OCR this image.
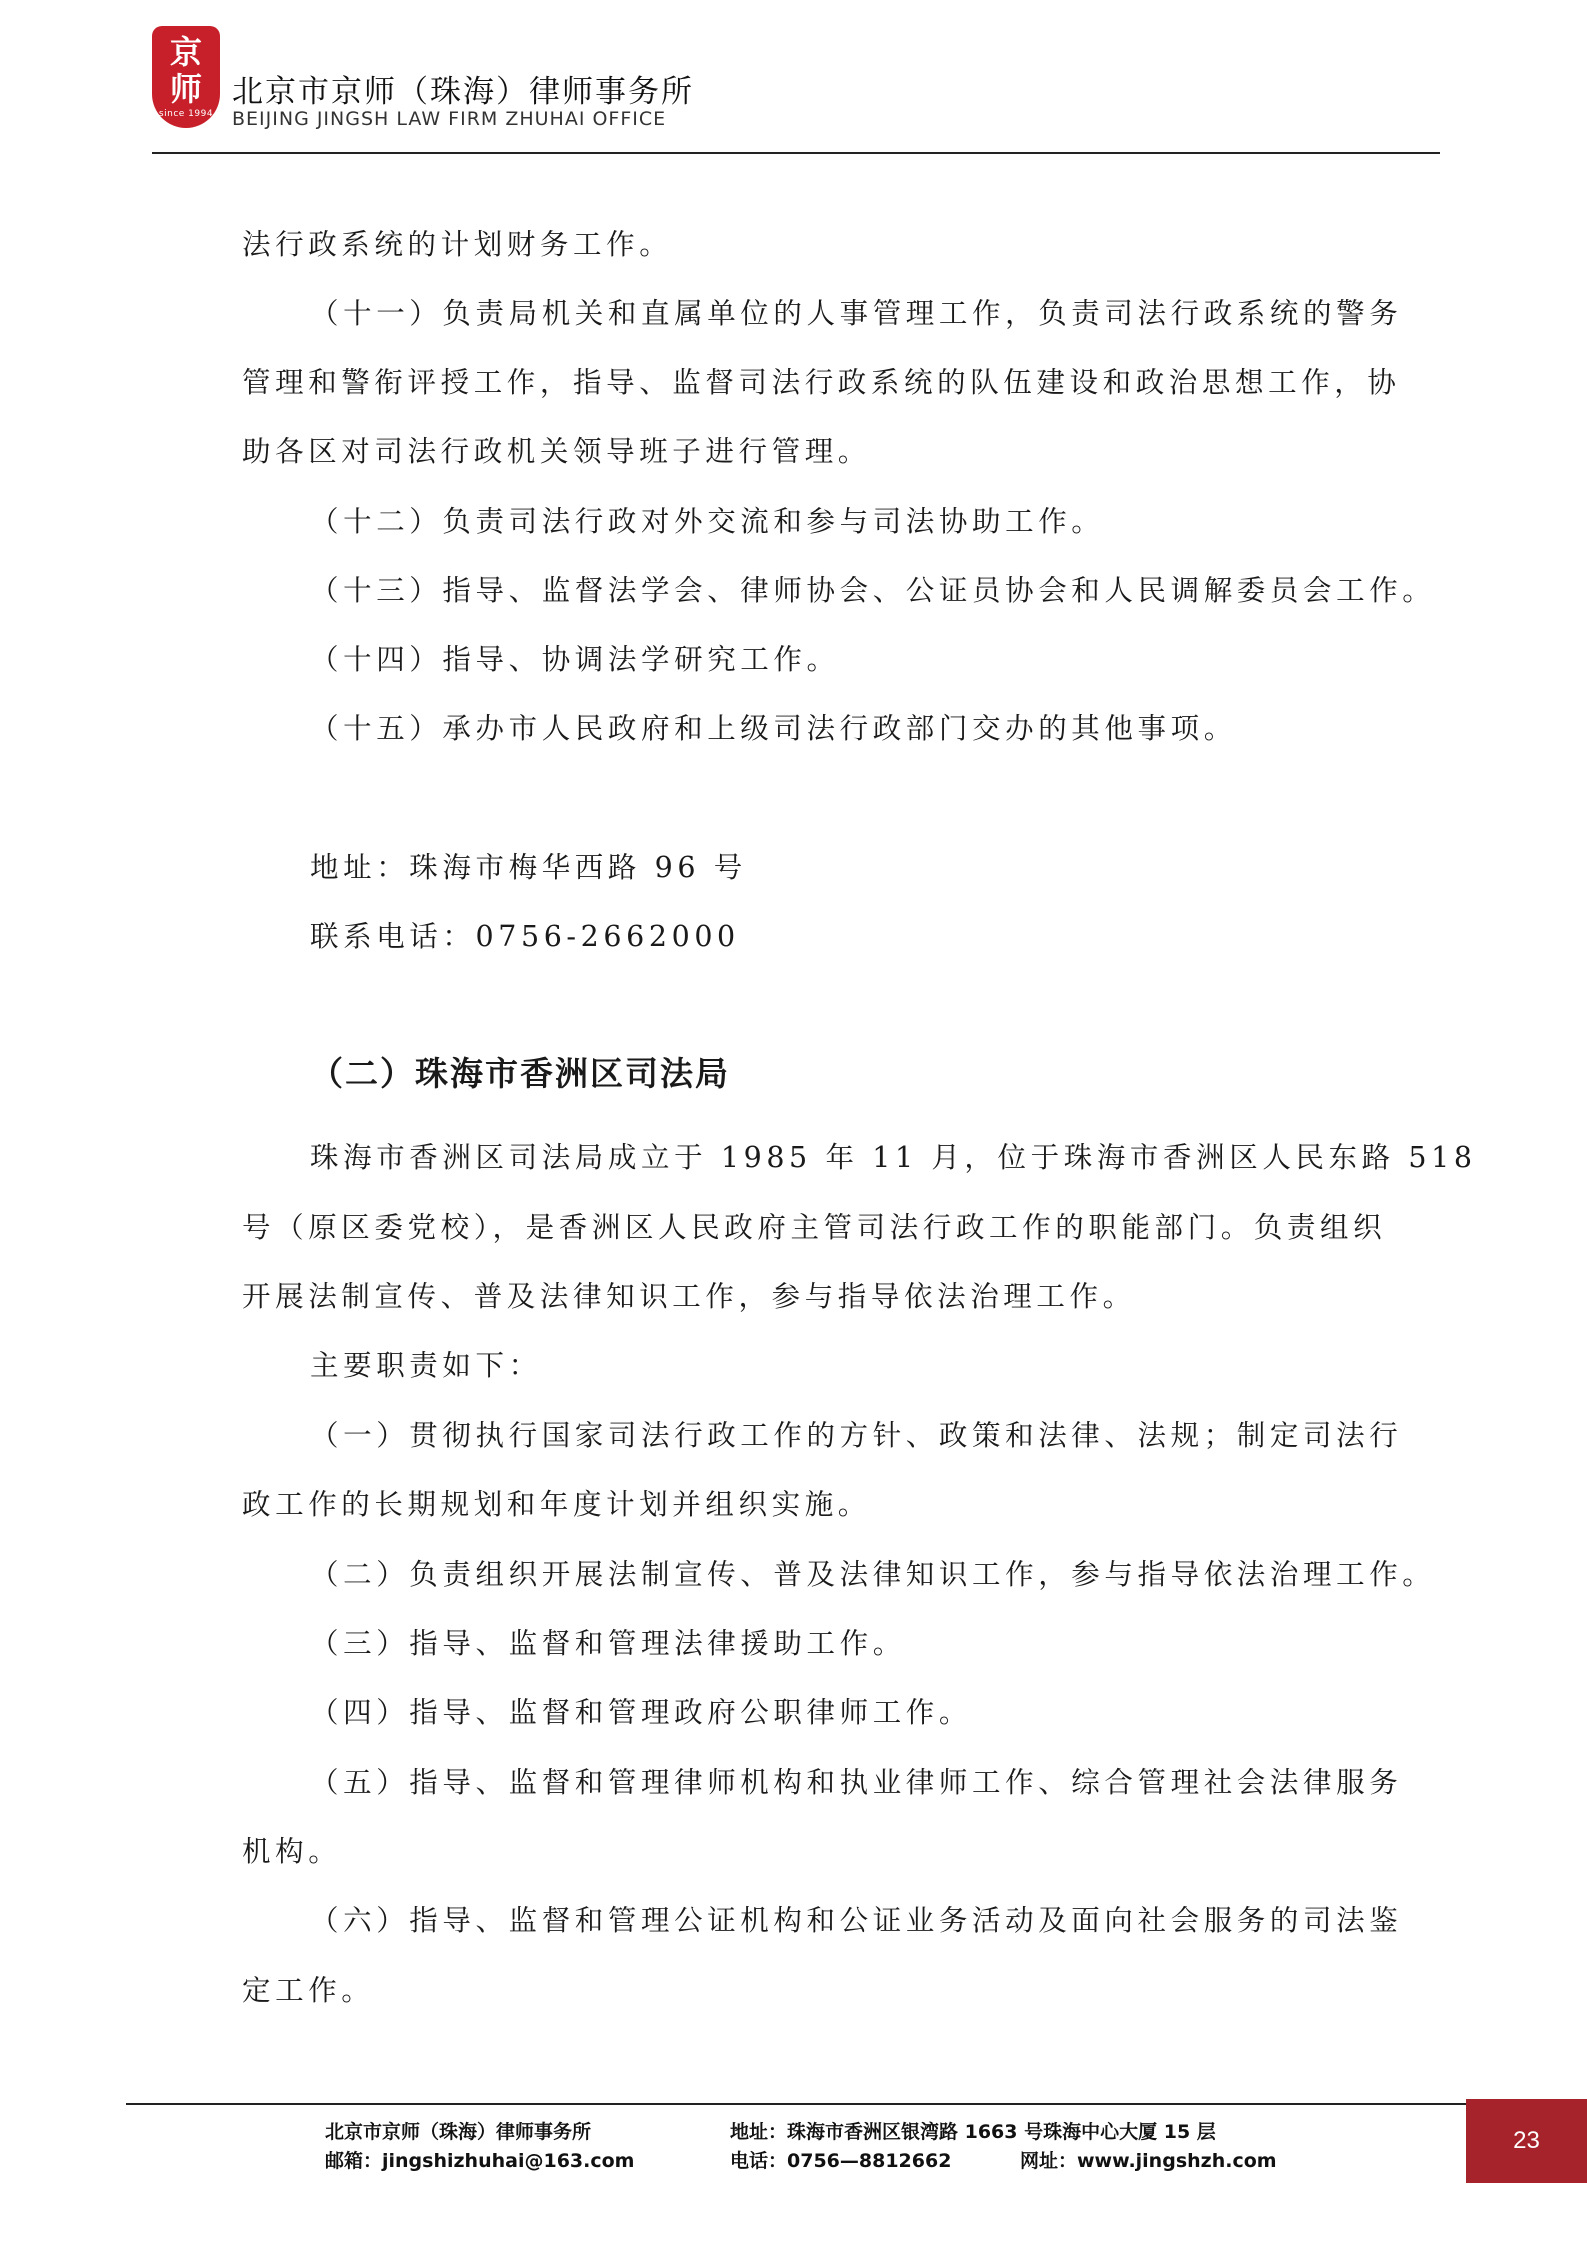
京
师
since 1994
北京市京师（珠海）律师事务所
BEIJING JINGSH LAW FIRM ZHUHAI OFFICE
法行政系统的计划财务工作。
（十一）负责局机关和直属单位的人事管理工作，负责司法行政系统的警务
管理和警衔评授工作，指导、监督司法行政系统的队伍建设和政治思想工作，协
助各区对司法行政机关领导班子进行管理。
（十二）负责司法行政对外交流和参与司法协助工作。
（十三）指导、监督法学会、律师协会、公证员协会和人民调解委员会工作。
（十四）指导、协调法学研究工作。
（十五）承办市人民政府和上级司法行政部门交办的其他事项。
地址：珠海市梅华西路 96 号
联系电话：0756-2662000
（二）珠海市香洲区司法局
珠海市香洲区司法局成立于 1985 年 11 月，位于珠海市香洲区人民东路 518
号（原区委党校），是香洲区人民政府主管司法行政工作的职能部门。负责组织
开展法制宣传、普及法律知识工作，参与指导依法治理工作。
主要职责如下：
（一）贯彻执行国家司法行政工作的方针、政策和法律、法规；制定司法行
政工作的长期规划和年度计划并组织实施。
（二）负责组织开展法制宣传、普及法律知识工作，参与指导依法治理工作。
（三）指导、监督和管理法律援助工作。
（四）指导、监督和管理政府公职律师工作。
（五）指导、监督和管理律师机构和执业律师工作、综合管理社会法律服务
机构。
（六）指导、监督和管理公证机构和公证业务活动及面向社会服务的司法鉴
定工作。
北京市京师（珠海）律师事务所
邮箱：jingshizhuhai@163.com
地址：珠海市香洲区银湾路 1663 号珠海中心大厦 15 层
电话：0756—8812662	网址：www.jingshzh.com
23
